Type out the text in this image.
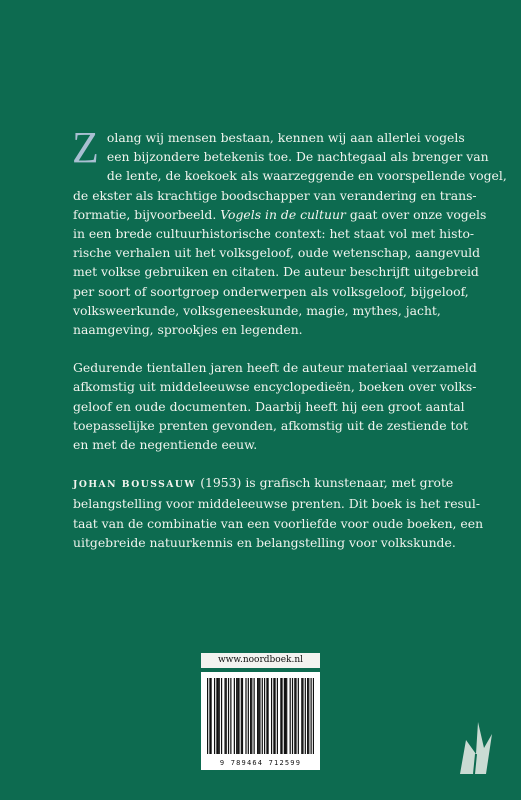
Z olang wij mensen bestaan, kennen wij aan allerlei vogels
een bijzondere betekenis toe. De nachtegaal als brenger van
de lente, de koekoek als waarzeggende en voorspellende vogel,
de ekster als krachtige boodschapper van verandering en trans-
formatie, bijvoorbeeld. Vogels in de cultuur gaat over onze vogels
in een brede cultuurhistorische context: het staat vol met histo-
rische verhalen uit het volksgeloof, oude wetenschap, aangevuld
met volkse gebruiken en citaten. De auteur beschrijft uitgebreid
per soort of soortgroep onderwerpen als volksgeloof, bijgeloof,
volksweerkunde, volksgeneeskunde, magie, mythes, jacht,
naamgeving, sprookjes en legenden.
Gedurende tientallen jaren heeft de auteur materiaal verzameld
afkomstig uit middeleeuwse encyclopedieën, boeken over volks-
geloof en oude documenten. Daarbij heeft hij een groot aantal
toepasselijke prenten gevonden, afkomstig uit de zestiende tot
en met de negentiende eeuw.
JOHAN BOUSSAUW (1953) is grafisch kunstenaar, met grote
belangstelling voor middeleeuwse prenten. Dit boek is het resul-
taat van de combinatie van een voorliefde voor oude boeken, een
uitgebreide natuurkennis en belangstelling voor volkskunde.
www.noordboek.nl
9 789464 712599
